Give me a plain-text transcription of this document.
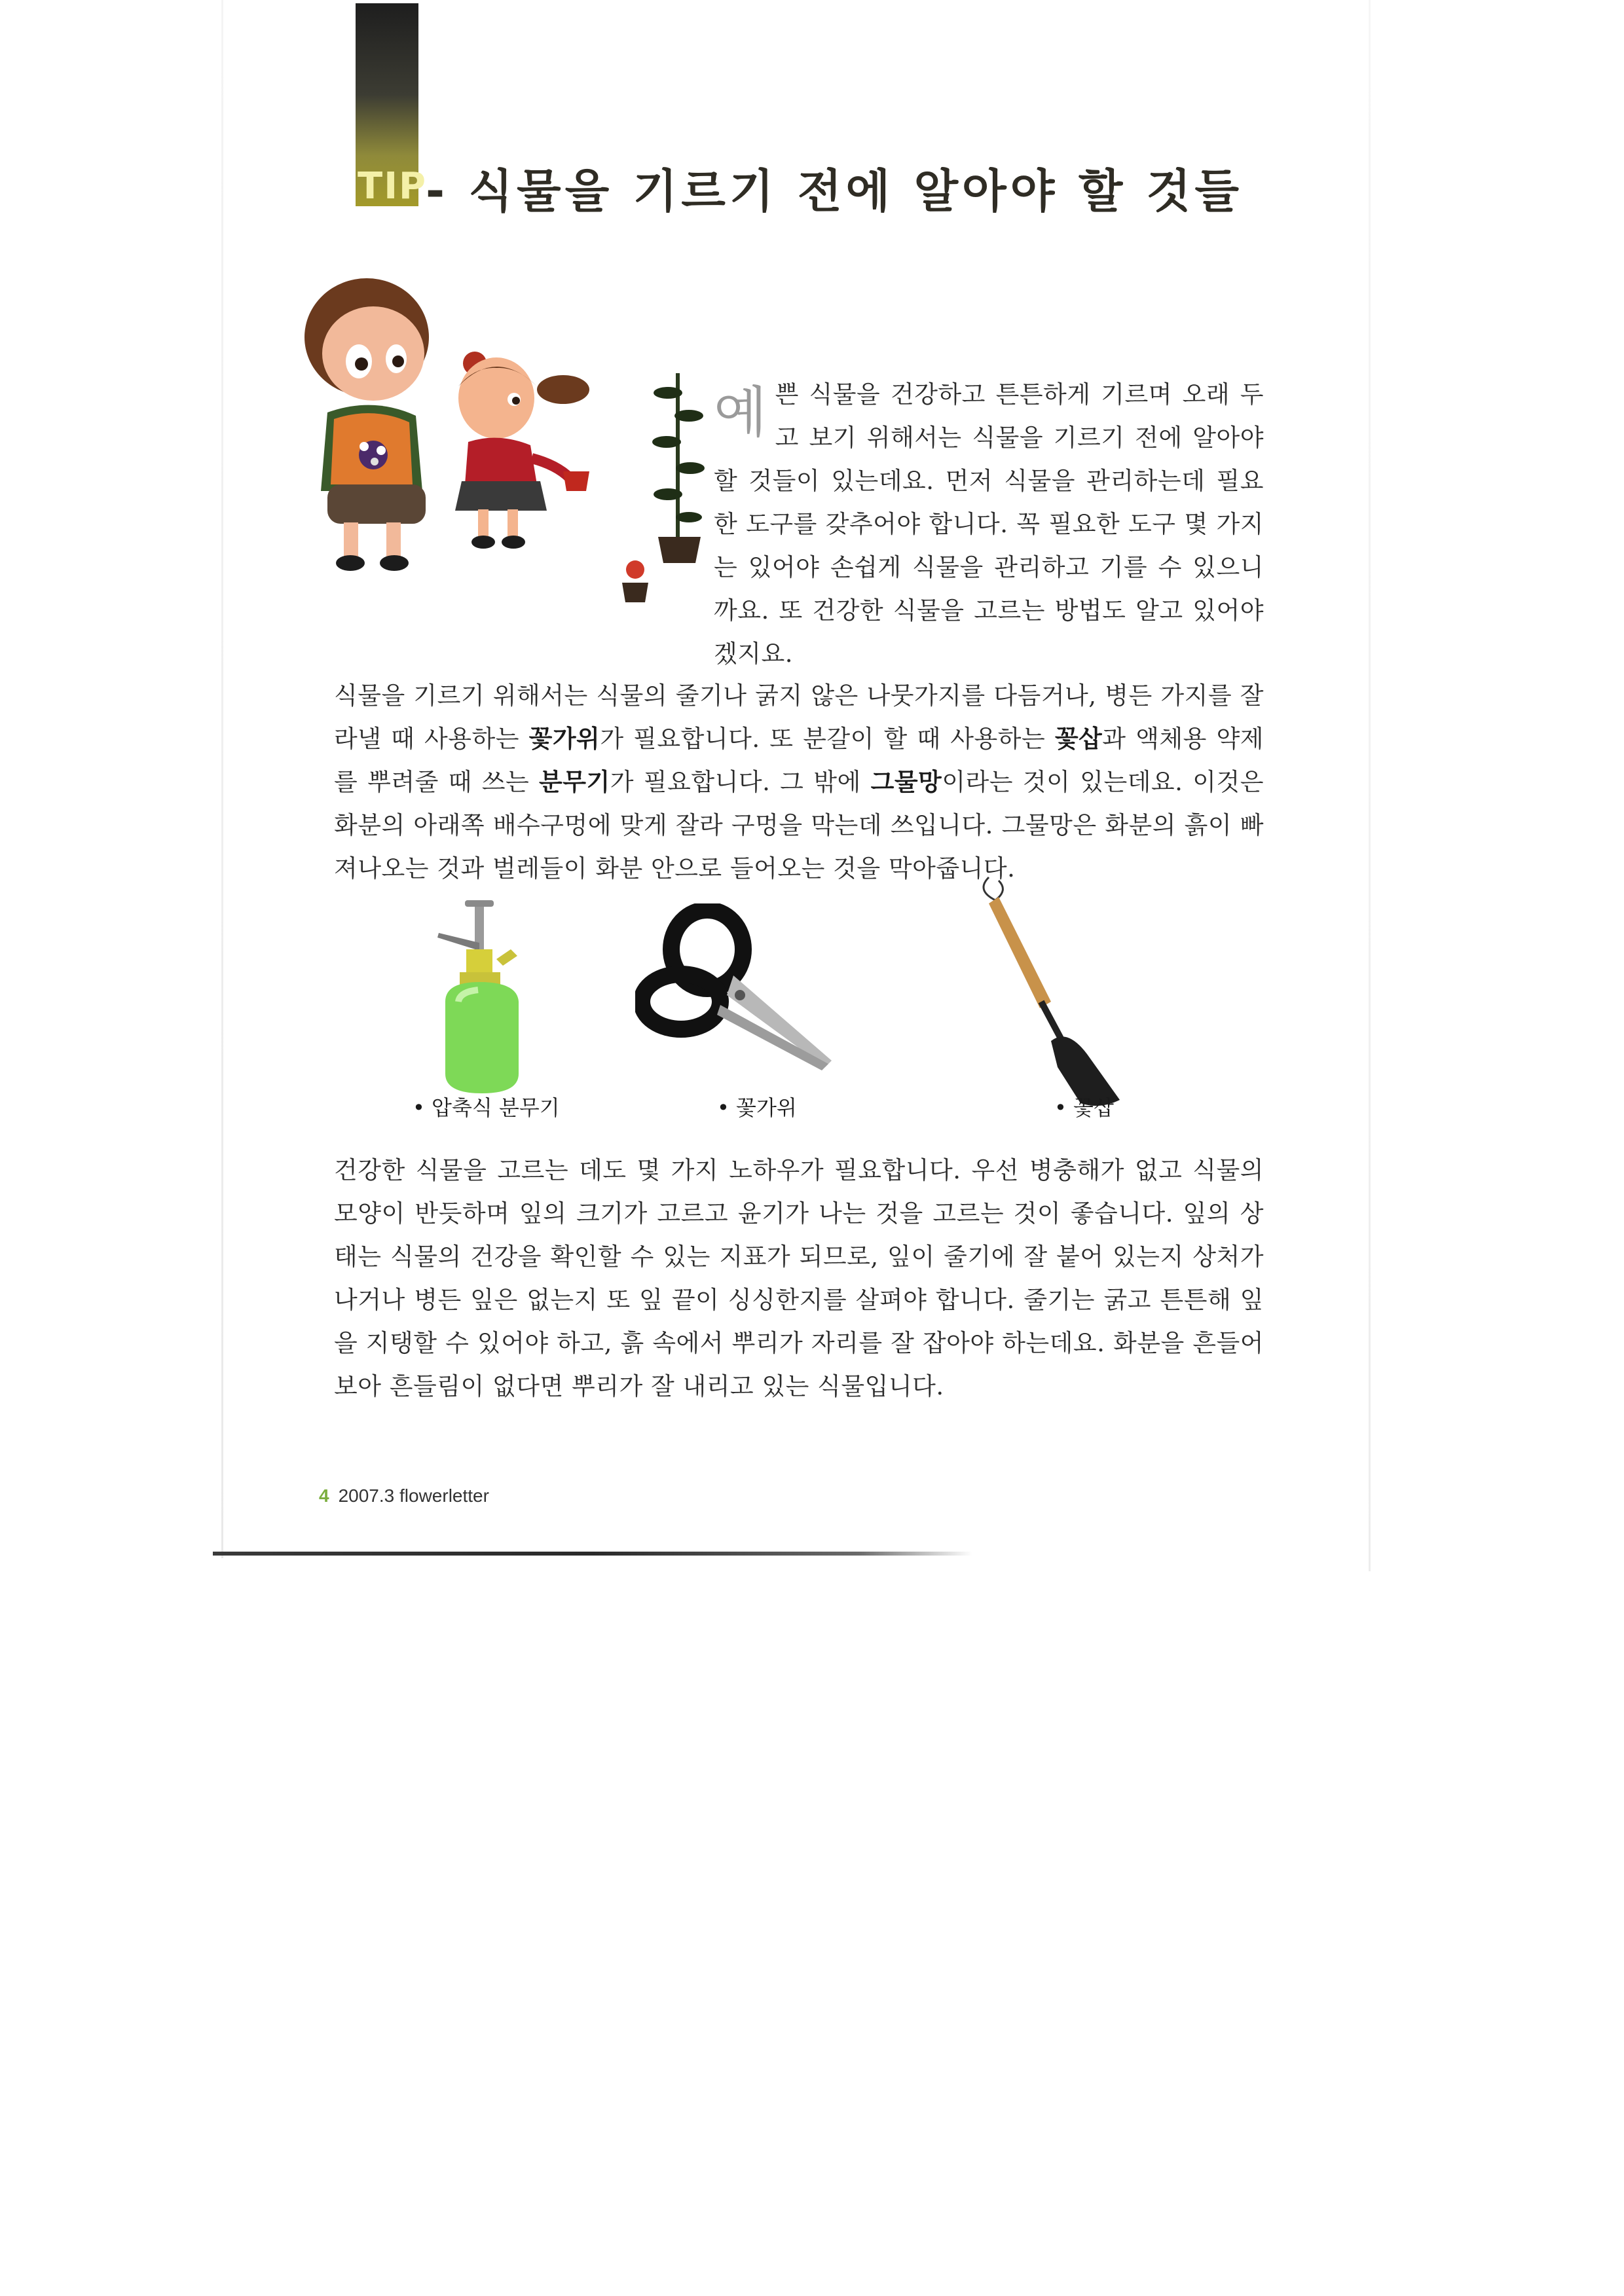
TIP
- 식물을 기르기 전에 알아야 할 것들
예쁜 식물을 건강하고 튼튼하게 기르며 오래 두고 보기 위해서는 식물을 기르기 전에 알아야 할 것들이 있는데요. 먼저 식물을 관리하는데 필요한 도구를 갖추어야 합니다. 꼭 필요한 도구 몇 가지는 있어야 손쉽게 식물을 관리하고 기를 수 있으니까요. 또 건강한 식물을 고르는 방법도 알고 있어야겠지요.
식물을 기르기 위해서는 식물의 줄기나 굵지 않은 나뭇가지를 다듬거나, 병든 가지를 잘라낼 때 사용하는 꽃가위가 필요합니다. 또 분갈이 할 때 사용하는 꽃삽과 액체용 약제를 뿌려줄 때 쓰는 분무기가 필요합니다. 그 밖에 그물망이라는 것이 있는데요. 이것은 화분의 아래쪽 배수구멍에 맞게 잘라 구멍을 막는데 쓰입니다. 그물망은 화분의 흙이 빠져나오는 것과 벌레들이 화분 안으로 들어오는 것을 막아줍니다.
• 압축식 분무기	• 꽃가위	• 꽃삽
건강한 식물을 고르는 데도 몇 가지 노하우가 필요합니다. 우선 병충해가 없고 식물의 모양이 반듯하며 잎의 크기가 고르고 윤기가 나는 것을 고르는 것이 좋습니다. 잎의 상태는 식물의 건강을 확인할 수 있는 지표가 되므로, 잎이 줄기에 잘 붙어 있는지 상처가 나거나 병든 잎은 없는지 또 잎 끝이 싱싱한지를 살펴야 합니다. 줄기는 굵고 튼튼해 잎을 지탱할 수 있어야 하고, 흙 속에서 뿌리가 자리를 잘 잡아야 하는데요. 화분을 흔들어보아 흔들림이 없다면 뿌리가 잘 내리고 있는 식물입니다.
4 2007.3 flowerletter
